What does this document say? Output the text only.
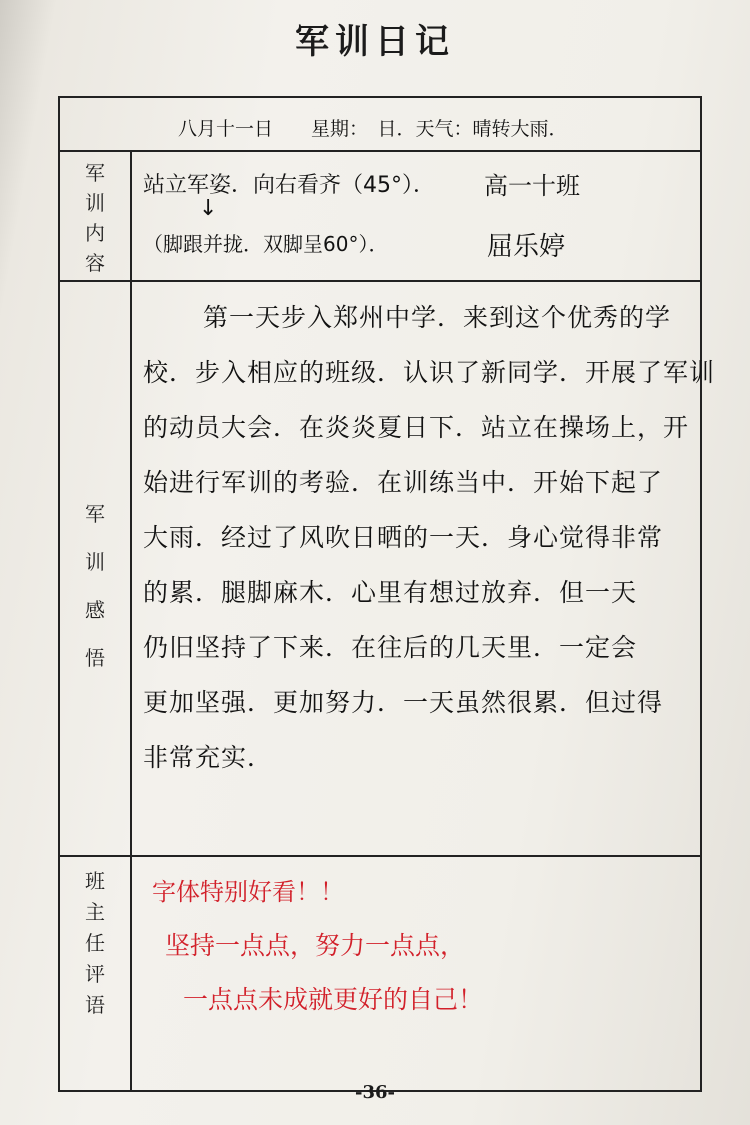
军训日记

八月十一日　　星期：　日．天气：晴转大雨．
军训内容
站立军姿．向右看齐（45°）．
↓
（脚跟并拢．双脚呈60°）．
高一十班
屈乐婷
军训感悟
第一天步入郑州中学．来到这个优秀的学
校．步入相应的班级．认识了新同学．开展了军训
的动员大会．在炎炎夏日下．站立在操场上，开
始进行军训的考验．在训练当中．开始下起了
大雨．经过了风吹日晒的一天．身心觉得非常
的累．腿脚麻木．心里有想过放弃．但一天
仍旧坚持了下来．在往后的几天里．一定会
更加坚强．更加努力．一天虽然很累．但过得
非常充实．
班主任评语
字体特别好看！！
坚持一点点，努力一点点，
一点点未成就更好的自己！
-36-
